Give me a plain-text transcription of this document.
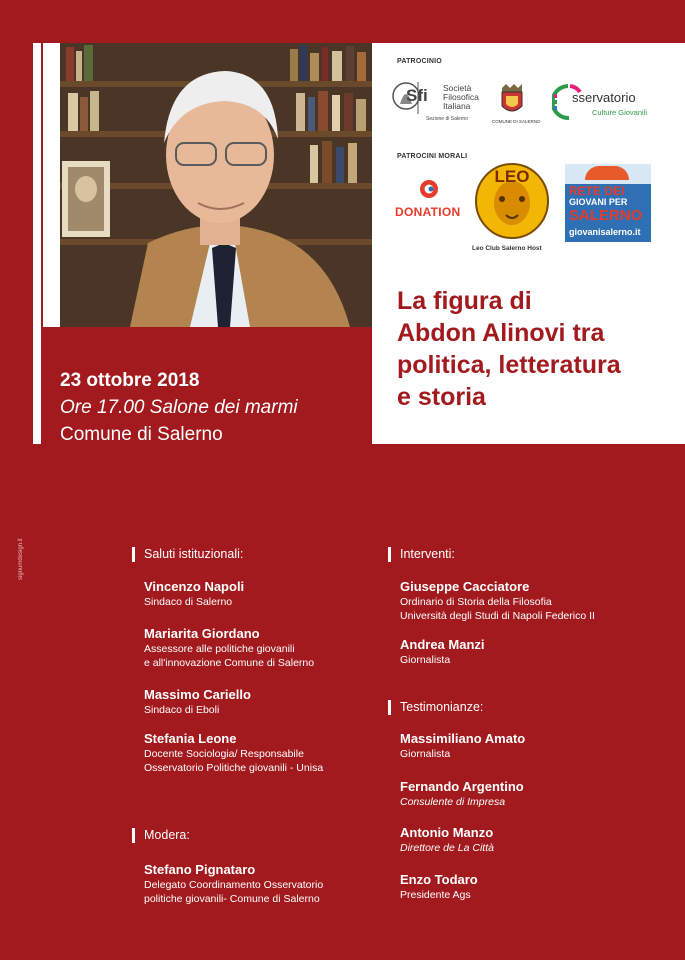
PATROCINIO
Sfi Società
Filosofica
Italiana
Sezione di Salerno	COMUNE DI SALERNO
sservatorio
Culture Giovanili
PATROCINI MORALI
DONATION
LEO
Leo Club Salerno Host
RETE DEI
GIOVANI PER
SALERNO
giovanisalerno.it
La figura di
Abdon Alinovi tra
politica, letteratura
e storia
23 ottobre 2018
Ore 17.00 Salone dei marmi
Comune di Salerno
signumdesign.it	Saluti istituzionali:
Vincenzo Napoli
Sindaco di Salerno
Mariarita Giordano
Assessore alle politiche giovanili
e all'innovazione Comune di Salerno
Massimo Cariello
Sindaco di Eboli
Stefania Leone
Docente Sociologia/ Responsabile
Osservatorio Politiche giovanili - Unisa
Modera:
Stefano Pignataro
Delegato Coordinamento Osservatorio
politiche giovanili- Comune di Salerno
Interventi:
Giuseppe Cacciatore
Ordinario di Storia della Filosofia
Università degli Studi di Napoli Federico II
Andrea Manzi
Giornalista
Testimonianze:
Massimiliano Amato
Giornalista
Fernando Argentino
Consulente di Impresa
Antonio Manzo
Direttore de La Città
Enzo Todaro
Presidente Ags
